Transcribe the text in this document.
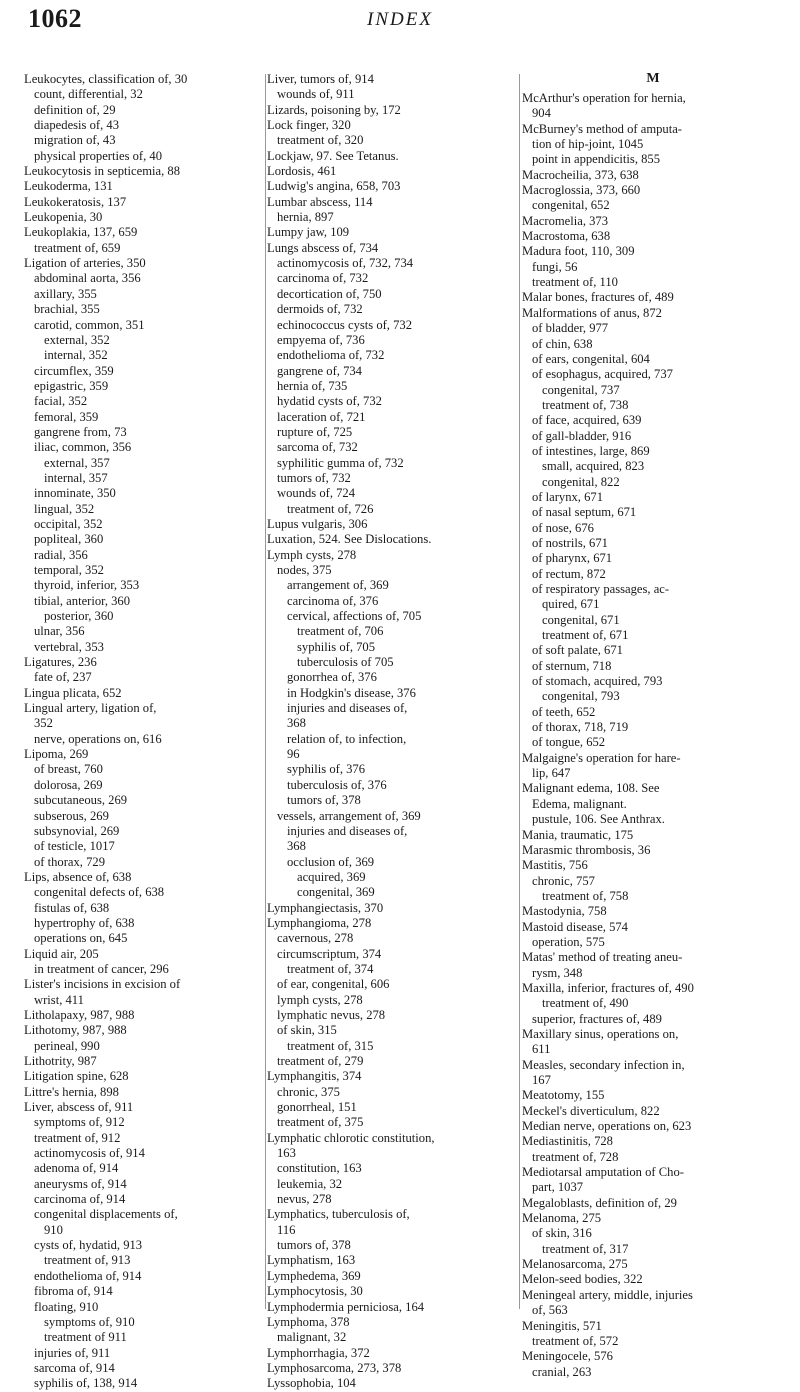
1062	INDEX
Leukocytes, classification of, 30
count, differential, 32
definition of, 29
diapedesis of, 43
migration of, 43
physical properties of, 40
Leukocytosis in septicemia, 88
Leukoderma, 131
Leukokeratosis, 137
Leukopenia, 30
Leukoplakia, 137, 659
treatment of, 659
Ligation of arteries, 350
abdominal aorta, 356
axillary, 355
brachial, 355
carotid, common, 351
external, 352
internal, 352
circumflex, 359
epigastric, 359
facial, 352
femoral, 359
gangrene from, 73
iliac, common, 356
external, 357
internal, 357
innominate, 350
lingual, 352
occipital, 352
popliteal, 360
radial, 356
temporal, 352
thyroid, inferior, 353
tibial, anterior, 360
posterior, 360
ulnar, 356
vertebral, 353
Ligatures, 236
fate of, 237
Lingua plicata, 652
Lingual artery, ligation of,
352
nerve, operations on, 616
Lipoma, 269
of breast, 760
dolorosa, 269
subcutaneous, 269
subserous, 269
subsynovial, 269
of testicle, 1017
of thorax, 729
Lips, absence of, 638
congenital defects of, 638
fistulas of, 638
hypertrophy of, 638
operations on, 645
Liquid air, 205
in treatment of cancer, 296
Lister's incisions in excision of
wrist, 411
Litholapaxy, 987, 988
Lithotomy, 987, 988
perineal, 990
Lithotrity, 987
Litigation spine, 628
Littre's hernia, 898
Liver, abscess of, 911
symptoms of, 912
treatment of, 912
actinomycosis of, 914
adenoma of, 914
aneurysms of, 914
carcinoma of, 914
congenital displacements of,
910
cysts of, hydatid, 913
treatment of, 913
endothelioma of, 914
fibroma of, 914
floating, 910
symptoms of, 910
treatment of 911
injuries of, 911
sarcoma of, 914
syphilis of, 138, 914
Liver, tumors of, 914
wounds of, 911
Lizards, poisoning by, 172
Lock finger, 320
treatment of, 320
Lockjaw, 97. See Tetanus.
Lordosis, 461
Ludwig's angina, 658, 703
Lumbar abscess, 114
hernia, 897
Lumpy jaw, 109
Lungs abscess of, 734
actinomycosis of, 732, 734
carcinoma of, 732
decortication of, 750
dermoids of, 732
echinococcus cysts of, 732
empyema of, 736
endothelioma of, 732
gangrene of, 734
hernia of, 735
hydatid cysts of, 732
laceration of, 721
rupture of, 725
sarcoma of, 732
syphilitic gumma of, 732
tumors of, 732
wounds of, 724
treatment of, 726
Lupus vulgaris, 306
Luxation, 524. See Dislocations.
Lymph cysts, 278
nodes, 375
arrangement of, 369
carcinoma of, 376
cervical, affections of, 705
treatment of, 706
syphilis of, 705
tuberculosis of 705
gonorrhea of, 376
in Hodgkin's disease, 376
injuries and diseases of,
368
relation of, to infection,
96
syphilis of, 376
tuberculosis of, 376
tumors of, 378
vessels, arrangement of, 369
injuries and diseases of,
368
occlusion of, 369
acquired, 369
congenital, 369
Lymphangiectasis, 370
Lymphangioma, 278
cavernous, 278
circumscriptum, 374
treatment of, 374
of ear, congenital, 606
lymph cysts, 278
lymphatic nevus, 278
of skin, 315
treatment of, 315
treatment of, 279
Lymphangitis, 374
chronic, 375
gonorrheal, 151
treatment of, 375
Lymphatic chlorotic constitution,
163
constitution, 163
leukemia, 32
nevus, 278
Lymphatics, tuberculosis of,
116
tumors of, 378
Lymphatism, 163
Lymphedema, 369
Lymphocytosis, 30
Lymphodermia perniciosa, 164
Lymphoma, 378
malignant, 32
Lymphorrhagia, 372
Lymphosarcoma, 273, 378
Lyssophobia, 104
M
McArthur's operation for hernia,
904
McBurney's method of amputa-
tion of hip-joint, 1045
point in appendicitis, 855
Macrocheilia, 373, 638
Macroglossia, 373, 660
congenital, 652
Macromelia, 373
Macrostoma, 638
Madura foot, 110, 309
fungi, 56
treatment of, 110
Malar bones, fractures of, 489
Malformations of anus, 872
of bladder, 977
of chin, 638
of ears, congenital, 604
of esophagus, acquired, 737
congenital, 737
treatment of, 738
of face, acquired, 639
of gall-bladder, 916
of intestines, large, 869
small, acquired, 823
congenital, 822
of larynx, 671
of nasal septum, 671
of nose, 676
of nostrils, 671
of pharynx, 671
of rectum, 872
of respiratory passages, ac-
quired, 671
congenital, 671
treatment of, 671
of soft palate, 671
of sternum, 718
of stomach, acquired, 793
congenital, 793
of teeth, 652
of thorax, 718, 719
of tongue, 652
Malgaigne's operation for hare-
lip, 647
Malignant edema, 108. See
Edema, malignant.
pustule, 106. See Anthrax.
Mania, traumatic, 175
Marasmic thrombosis, 36
Mastitis, 756
chronic, 757
treatment of, 758
Mastodynia, 758
Mastoid disease, 574
operation, 575
Matas' method of treating aneu-
rysm, 348
Maxilla, inferior, fractures of, 490
treatment of, 490
superior, fractures of, 489
Maxillary sinus, operations on,
611
Measles, secondary infection in,
167
Meatotomy, 155
Meckel's diverticulum, 822
Median nerve, operations on, 623
Mediastinitis, 728
treatment of, 728
Mediotarsal amputation of Cho-
part, 1037
Megaloblasts, definition of, 29
Melanoma, 275
of skin, 316
treatment of, 317
Melanosarcoma, 275
Melon-seed bodies, 322
Meningeal artery, middle, injuries
of, 563
Meningitis, 571
treatment of, 572
Meningocele, 576
cranial, 263
